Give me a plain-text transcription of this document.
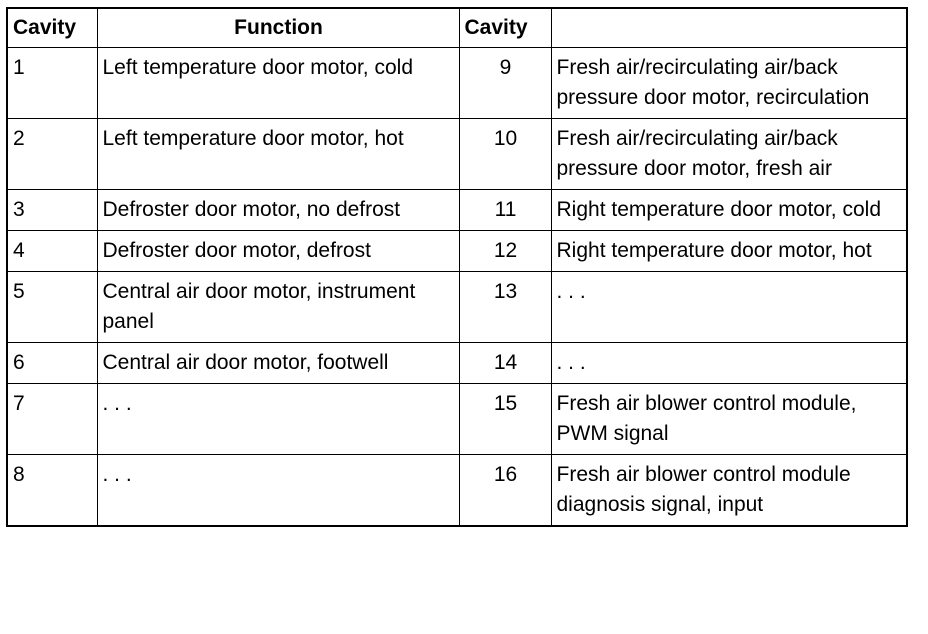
Cavity	Function	Cavity	
1	Left temperature door motor, cold	9	Fresh air/recirculating air/back pressure door motor, recirculation
2	Left temperature door motor, hot	10	Fresh air/recirculating air/back pressure door motor, fresh air
3	Defroster door motor, no defrost	11	Right temperature door motor, cold
4	Defroster door motor, defrost	12	Right temperature door motor, hot
5	Central air door motor, instrument panel	13	. . .
6	Central air door motor, footwell	14	. . .
7	. . .	15	Fresh air blower control module, PWM signal
8	. . .	16	Fresh air blower control module diagnosis signal, input
